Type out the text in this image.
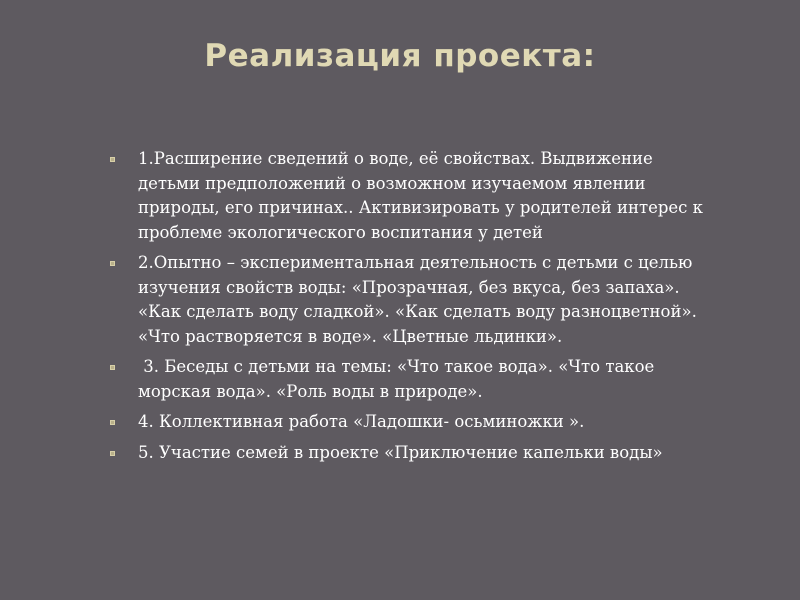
Реализация проекта:
1.Расширение сведений о воде, её свойствах. Выдвижение детьми предположений о возможном изучаемом явлении природы, его причинах.. Активизировать у родителей интерес к проблеме экологического воспитания у детей
2.Опытно – экспериментальная деятельность с детьми с целью изучения свойств воды: «Прозрачная, без вкуса, без запаха». «Как сделать воду сладкой». «Как сделать воду разноцветной». «Что растворяется в воде». «Цветные льдинки».
3. Беседы с детьми на темы: «Что такое вода». «Что такое морская вода». «Роль воды в природе».
4. Коллективная работа «Ладошки- осьминожки ».
5. Участие семей в проекте «Приключение капельки воды»
